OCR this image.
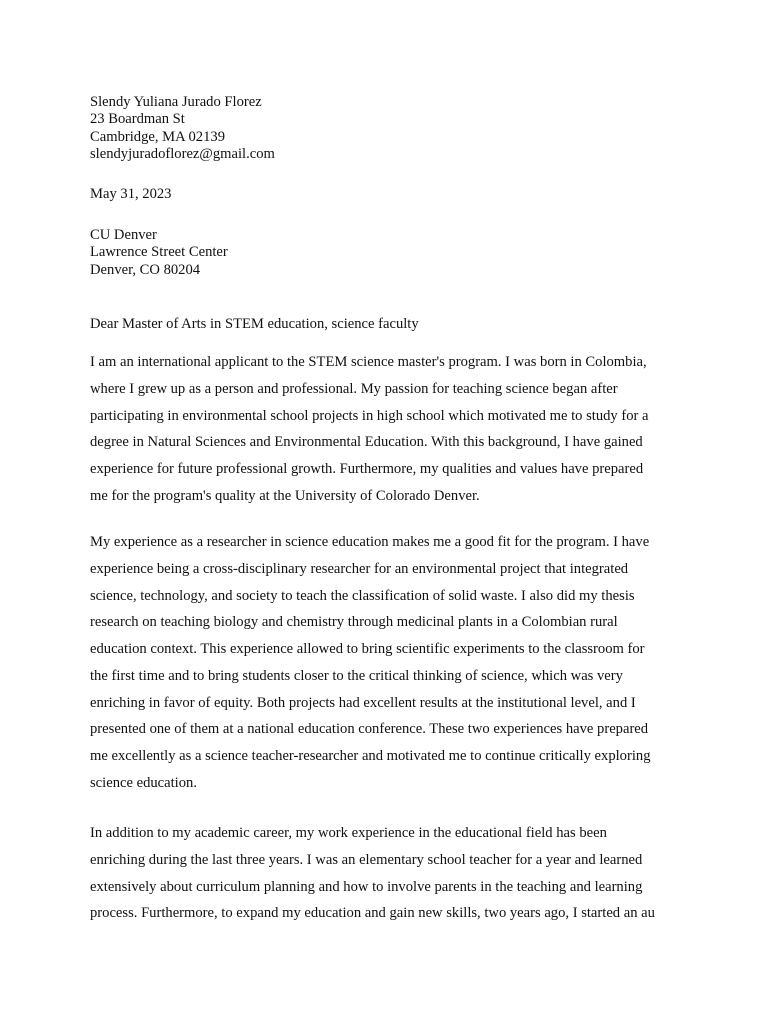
Slendy Yuliana Jurado Florez
23 Boardman St
Cambridge, MA 02139
slendyjuradoflorez@gmail.com
May 31, 2023
CU Denver
Lawrence Street Center
Denver, CO 80204
Dear Master of Arts in STEM education, science faculty
I am an international applicant to the STEM science master's program. I was born in Colombia,
where I grew up as a person and professional. My passion for teaching science began after
participating in environmental school projects in high school which motivated me to study for a
degree in Natural Sciences and Environmental Education. With this background, I have gained
experience for future professional growth. Furthermore, my qualities and values have prepared
me for the program's quality at the University of Colorado Denver.
My experience as a researcher in science education makes me a good fit for the program. I have
experience being a cross-disciplinary researcher for an environmental project that integrated
science, technology, and society to teach the classification of solid waste. I also did my thesis
research on teaching biology and chemistry through medicinal plants in a Colombian rural
education context. This experience allowed to bring scientific experiments to the classroom for
the first time and to bring students closer to the critical thinking of science, which was very
enriching in favor of equity. Both projects had excellent results at the institutional level, and I
presented one of them at a national education conference. These two experiences have prepared
me excellently as a science teacher-researcher and motivated me to continue critically exploring
science education.
In addition to my academic career, my work experience in the educational field has been
enriching during the last three years. I was an elementary school teacher for a year and learned
extensively about curriculum planning and how to involve parents in the teaching and learning
process. Furthermore, to expand my education and gain new skills, two years ago, I started an au
